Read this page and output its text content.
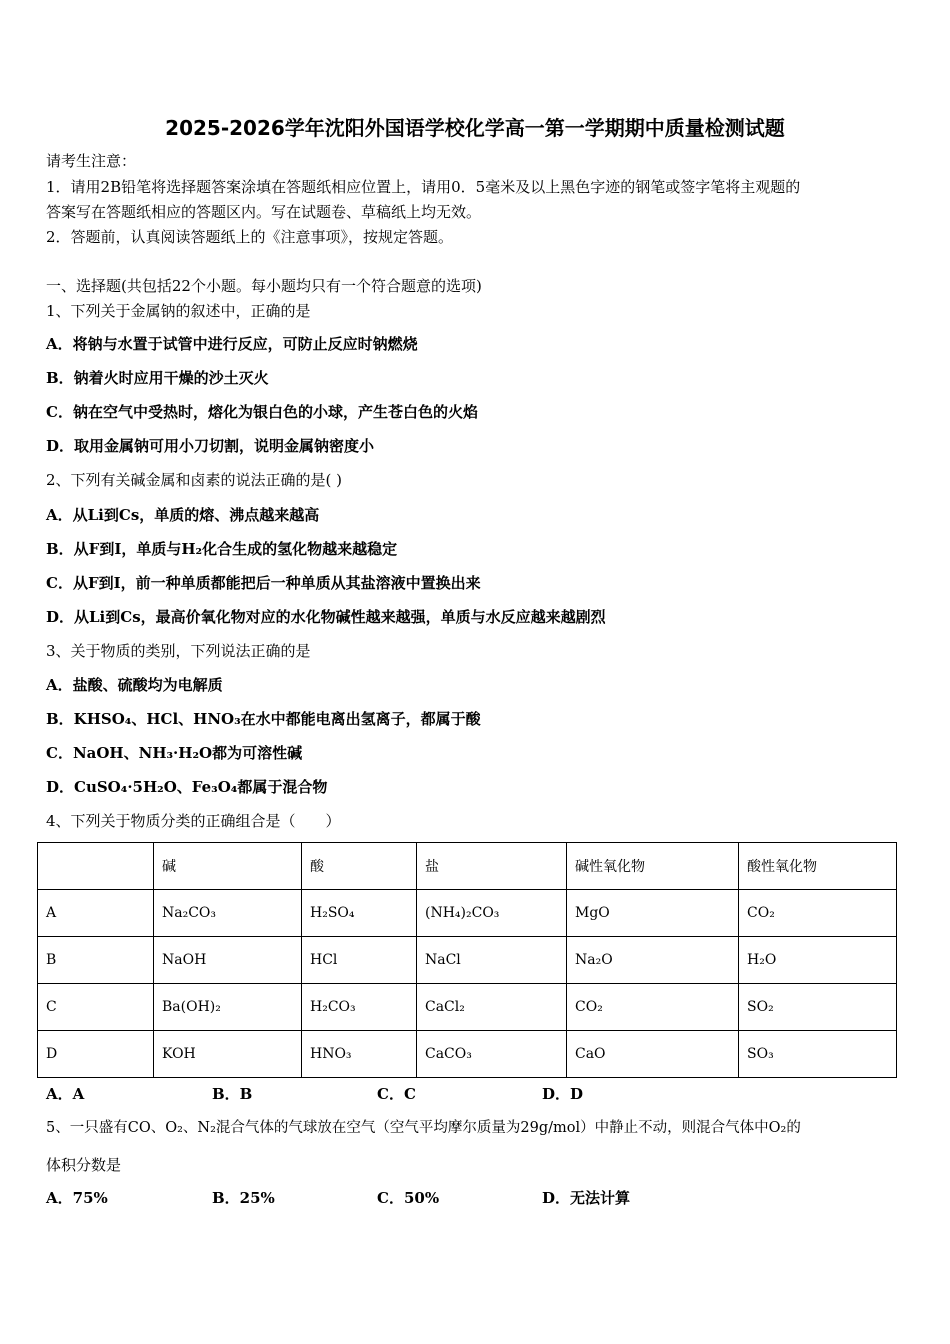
2025-2026学年沈阳外国语学校化学高一第一学期期中质量检测试题
请考生注意：
1．请用2B铅笔将选择题答案涂填在答题纸相应位置上，请用0．5毫米及以上黑色字迹的钢笔或签字笔将主观题的
答案写在答题纸相应的答题区内。写在试题卷、草稿纸上均无效。
2．答题前，认真阅读答题纸上的《注意事项》，按规定答题。
一、选择题(共包括22个小题。每小题均只有一个符合题意的选项)
1、下列关于金属钠的叙述中，正确的是
A．将钠与水置于试管中进行反应，可防止反应时钠燃烧
B．钠着火时应用干燥的沙土灭火
C．钠在空气中受热时，熔化为银白色的小球，产生苍白色的火焰
D．取用金属钠可用小刀切割，说明金属钠密度小
2、下列有关碱金属和卤素的说法正确的是( )
A．从Li到Cs，单质的熔、沸点越来越高
B．从F到I，单质与H₂化合生成的氢化物越来越稳定
C．从F到I，前一种单质都能把后一种单质从其盐溶液中置换出来
D．从Li到Cs，最高价氧化物对应的水化物碱性越来越强，单质与水反应越来越剧烈
3、关于物质的类别，下列说法正确的是
A．盐酸、硫酸均为电解质
B．KHSO₄、HCl、HNO₃在水中都能电离出氢离子，都属于酸
C．NaOH、NH₃·H₂O都为可溶性碱
D．CuSO₄·5H₂O、Fe₃O₄都属于混合物
4、下列关于物质分类的正确组合是（　　）
	碱	酸	盐	碱性氧化物	酸性氧化物
A	Na₂CO₃	H₂SO₄	(NH₄)₂CO₃	MgO	CO₂
B	NaOH	HCl	NaCl	Na₂O	H₂O
C	Ba(OH)₂	H₂CO₃	CaCl₂	CO₂	SO₂
D	KOH	HNO₃	CaCO₃	CaO	SO₃
A．A	B．B	C．C	D．D
5、一只盛有CO、O₂、N₂混合气体的气球放在空气（空气平均摩尔质量为29g/mol）中静止不动，则混合气体中O₂的
体积分数是
A．75%	B．25%	C．50%	D．无法计算
